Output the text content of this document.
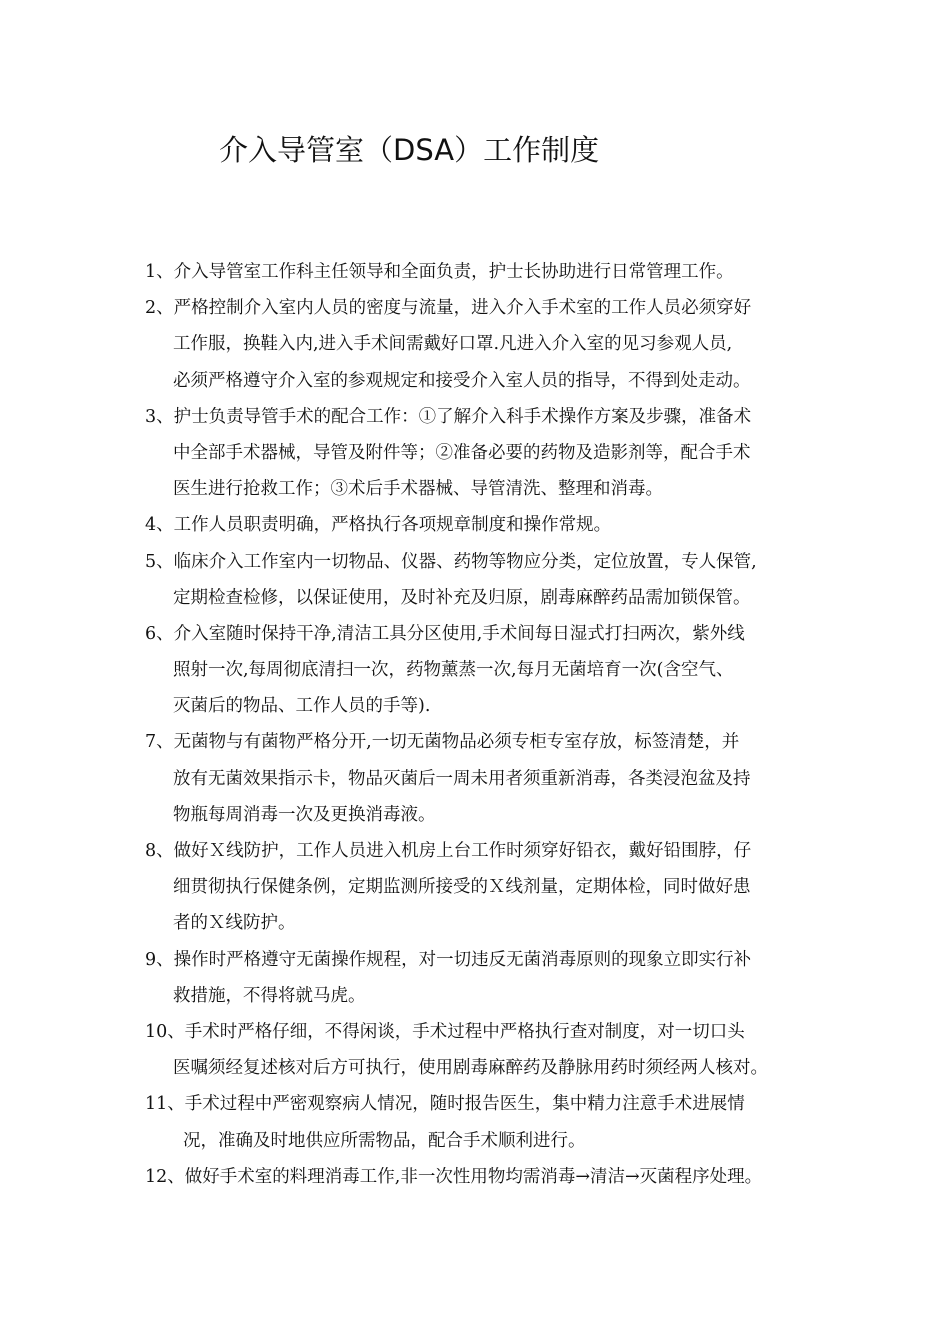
介入导管室（DSA）工作制度
1、介入导管室工作科主任领导和全面负责，护士长协助进行日常管理工作。
2、严格控制介入室内人员的密度与流量，进入介入手术室的工作人员必须穿好
工作服，换鞋入内,进入手术间需戴好口罩.凡进入介入室的见习参观人员,
必须严格遵守介入室的参观规定和接受介入室人员的指导，不得到处走动。
3、护士负责导管手术的配合工作：①了解介入科手术操作方案及步骤，准备术
中全部手术器械，导管及附件等；②准备必要的药物及造影剂等，配合手术
医生进行抢救工作；③术后手术器械、导管清洗、整理和消毒。
4、工作人员职责明确，严格执行各项规章制度和操作常规。
5、临床介入工作室内一切物品、仪器、药物等物应分类，定位放置，专人保管,
定期检查检修，以保证使用，及时补充及归原，剧毒麻醉药品需加锁保管。
6、介入室随时保持干净,清洁工具分区使用,手术间每日湿式打扫两次，紫外线
照射一次,每周彻底清扫一次，药物薰蒸一次,每月无菌培育一次(含空气、
灭菌后的物品、工作人员的手等).
7、无菌物与有菌物严格分开,一切无菌物品必须专柜专室存放，标签清楚，并
放有无菌效果指示卡，物品灭菌后一周未用者须重新消毒，各类浸泡盆及持
物瓶每周消毒一次及更换消毒液。
8、做好Ｘ线防护，工作人员进入机房上台工作时须穿好铅衣，戴好铅围脖，仔
细贯彻执行保健条例，定期监测所接受的Ｘ线剂量，定期体检，同时做好患
者的Ｘ线防护。
9、操作时严格遵守无菌操作规程，对一切违反无菌消毒原则的现象立即实行补
救措施，不得将就马虎。
10、手术时严格仔细，不得闲谈，手术过程中严格执行查对制度，对一切口头
医嘱须经复述核对后方可执行，使用剧毒麻醉药及静脉用药时须经两人核对。
11、手术过程中严密观察病人情况，随时报告医生，集中精力注意手术进展情
况，准确及时地供应所需物品，配合手术顺利进行。
12、做好手术室的料理消毒工作,非一次性用物均需消毒→清洁→灭菌程序处理。
